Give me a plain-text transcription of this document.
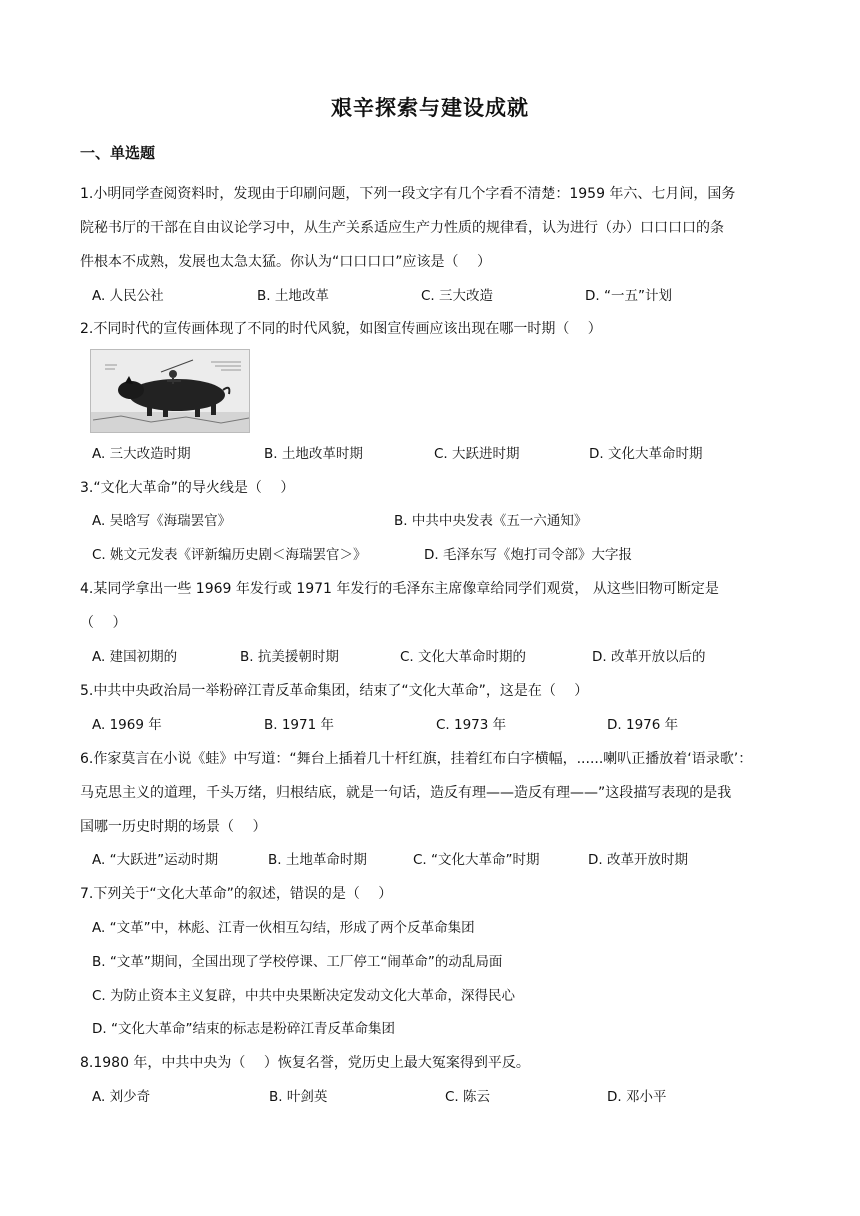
艰辛探索与建设成就
一、单选题
1.小明同学查阅资料时，发现由于印刷问题，下列一段文字有几个字看不清楚：1959 年六、七月间，国务
院秘书厅的干部在自由议论学习中，从生产关系适应生产力性质的规律看，认为进行（办）口口口口的条
件根本不成熟，发展也太急太猛。你认为“口口口口”应该是（　 ）
A. 人民公社	B. 土地改革	C. 三大改造	D. “一五”计划
2.不同时代的宣传画体现了不同的时代风貌，如图宣传画应该出现在哪一时期（　 ）
A. 三大改造时期	B. 土地改革时期	C. 大跃进时期	D. 文化大革命时期
3.“文化大革命”的导火线是（　 ）
A. 吴晗写《海瑞罢官》	B. 中共中央发表《五一六通知》
C. 姚文元发表《评新编历史剧＜海瑞罢官＞》	D. 毛泽东写《炮打司令部》大字报
4.某同学拿出一些 1969 年发行或 1971 年发行的毛泽东主席像章给同学们观赏， 从这些旧物可断定是
（　 ）
A. 建国初期的	B. 抗美援朝时期	C. 文化大革命时期的	D. 改革开放以后的
5.中共中央政治局一举粉碎江青反革命集团，结束了“文化大革命”，这是在（　 ）
A. 1969 年	B. 1971 年	C. 1973 年	D. 1976 年
6.作家莫言在小说《蛙》中写道：“舞台上插着几十杆红旗，挂着红布白字横幅，......喇叭正播放着‘语录歌’：
马克思主义的道理，千头万绪，归根结底，就是一句话，造反有理——造反有理——”这段描写表现的是我
国哪一历史时期的场景（　 ）
A. “大跃进”运动时期	B. 土地革命时期	C. “文化大革命”时期	D. 改革开放时期
7.下列关于“文化大革命”的叙述，错误的是（　 ）
A. “文革”中，林彪、江青一伙相互勾结，形成了两个反革命集团
B. “文革”期间，全国出现了学校停课、工厂停工“闹革命”的动乱局面
C. 为防止资本主义复辟，中共中央果断决定发动文化大革命，深得民心
D. “文化大革命”结束的标志是粉碎江青反革命集团
8.1980 年，中共中央为（　 ）恢复名誉，党历史上最大冤案得到平反。
A. 刘少奇	B. 叶剑英	C. 陈云	D. 邓小平
